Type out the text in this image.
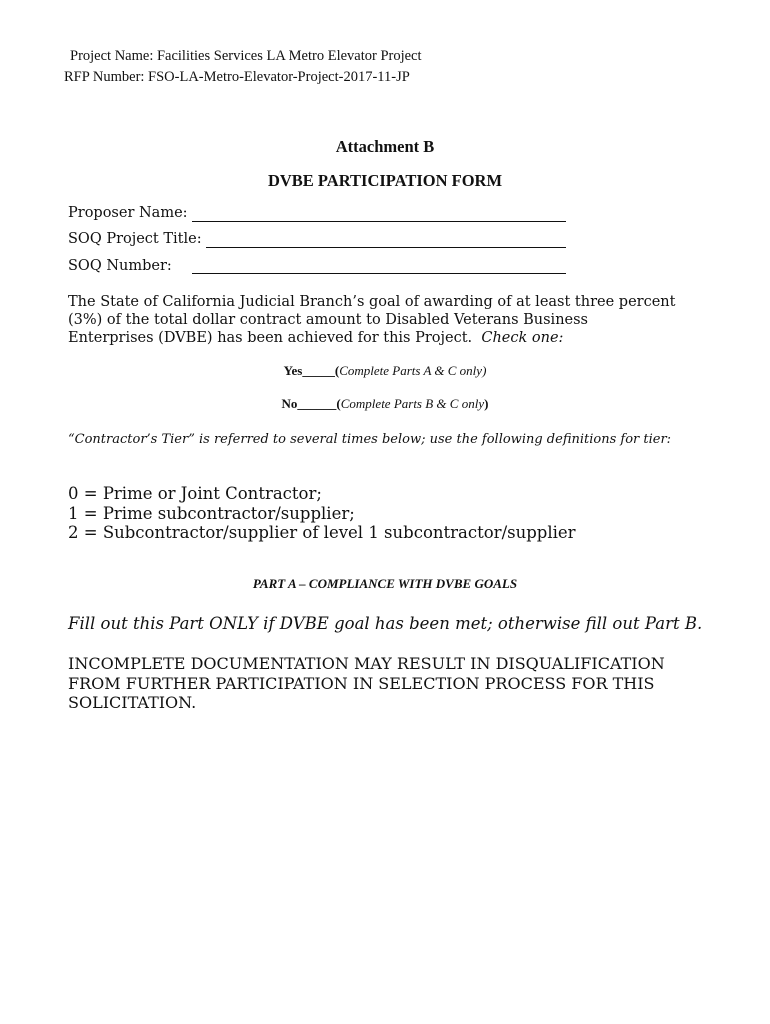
Project Name: Facilities Services LA Metro Elevator Project
RFP Number: FSO-LA-Metro-Elevator-Project-2017-11-JP
Attachment B
DVBE PARTICIPATION FORM
Proposer Name:
SOQ Project Title:
SOQ Number:
The State of California Judicial Branch’s goal of awarding of at least three percent
(3%) of the total dollar contract amount to Disabled Veterans Business
Enterprises (DVBE) has been achieved for this Project. Check one:
Yes_____(Complete Parts A & C only)
No______(Complete Parts B & C only)
“Contractor’s Tier” is referred to several times below; use the following definitions for tier:
0 = Prime or Joint Contractor;
1 = Prime subcontractor/supplier;
2 = Subcontractor/supplier of level 1 subcontractor/supplier
PART A – COMPLIANCE WITH DVBE GOALS
Fill out this Part ONLY if DVBE goal has been met; otherwise fill out Part B.
INCOMPLETE DOCUMENTATION MAY RESULT IN DISQUALIFICATION
FROM FURTHER PARTICIPATION IN SELECTION PROCESS FOR THIS
SOLICITATION.
